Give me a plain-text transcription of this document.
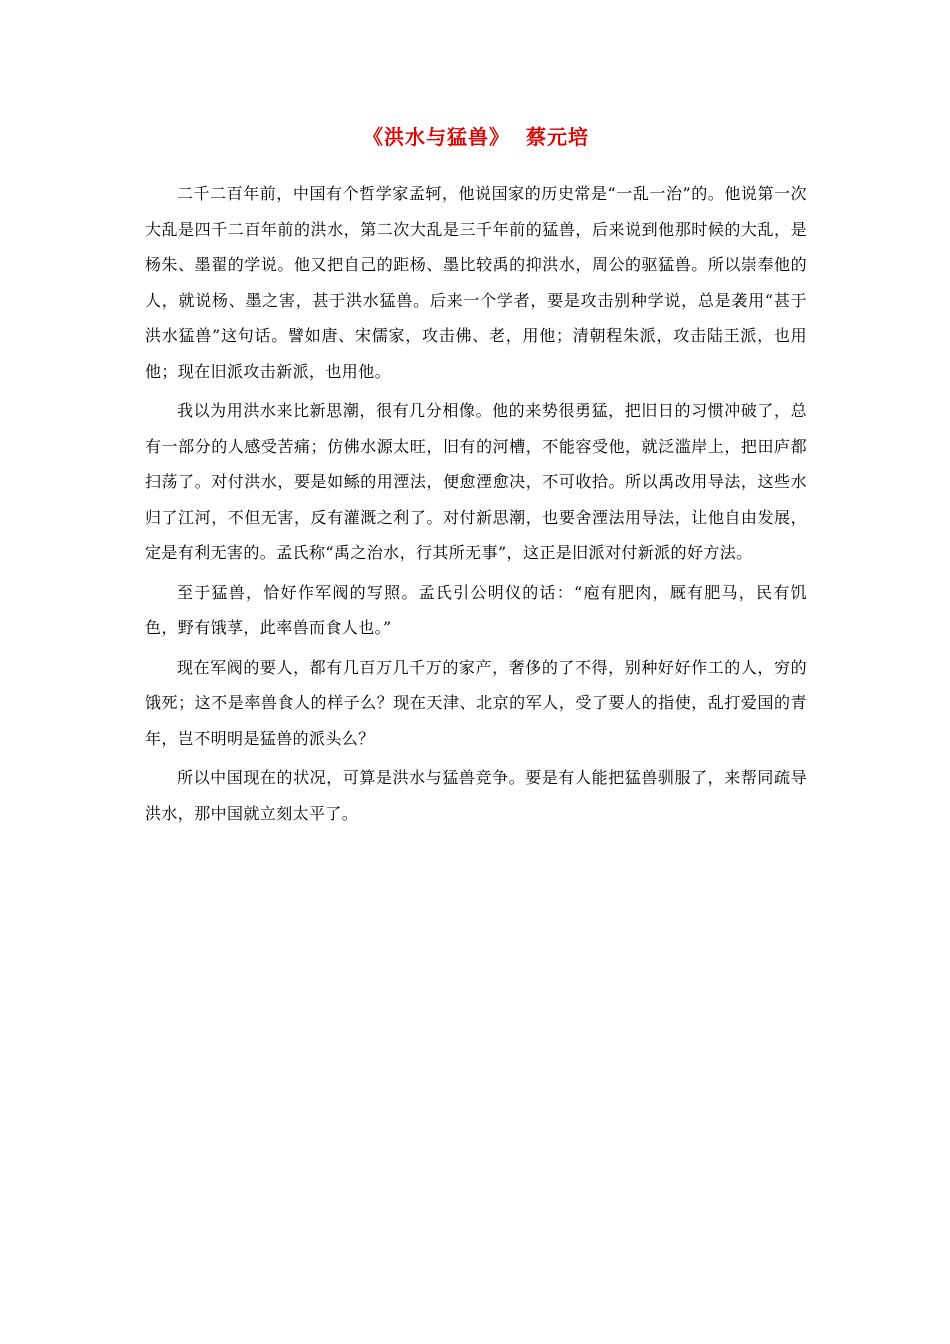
《洪水与猛兽》  蔡元培

二千二百年前，中国有个哲学家孟轲，他说国家的历史常是“一乱一治”的。他说第一次大乱是四千二百年前的洪水，第二次大乱是三千年前的猛兽，后来说到他那时候的大乱，是杨朱、墨翟的学说。他又把自己的距杨、墨比较禹的抑洪水，周公的驱猛兽。所以崇奉他的人，就说杨、墨之害，甚于洪水猛兽。后来一个学者，要是攻击别种学说，总是袭用“甚于洪水猛兽”这句话。譬如唐、宋儒家，攻击佛、老，用他；清朝程朱派，攻击陆王派，也用他；现在旧派攻击新派，也用他。

我以为用洪水来比新思潮，很有几分相像。他的来势很勇猛，把旧日的习惯冲破了，总有一部分的人感受苦痛；仿佛水源太旺，旧有的河槽，不能容受他，就泛滥岸上，把田庐都扫荡了。对付洪水，要是如鲧的用湮法，便愈湮愈决，不可收拾。所以禹改用导法，这些水归了江河，不但无害，反有灌溉之利了。对付新思潮，也要舍湮法用导法，让他自由发展，定是有利无害的。孟氏称“禹之治水，行其所无事”，这正是旧派对付新派的好方法。

至于猛兽，恰好作军阀的写照。孟氏引公明仪的话：“庖有肥肉，厩有肥马，民有饥色，野有饿莩，此率兽而食人也。”

现在军阀的要人，都有几百万几千万的家产，奢侈的了不得，别种好好作工的人，穷的饿死；这不是率兽食人的样子么？现在天津、北京的军人，受了要人的指使，乱打爱国的青年，岂不明明是猛兽的派头么？

所以中国现在的状况，可算是洪水与猛兽竞争。要是有人能把猛兽驯服了，来帮同疏导洪水，那中国就立刻太平了。
